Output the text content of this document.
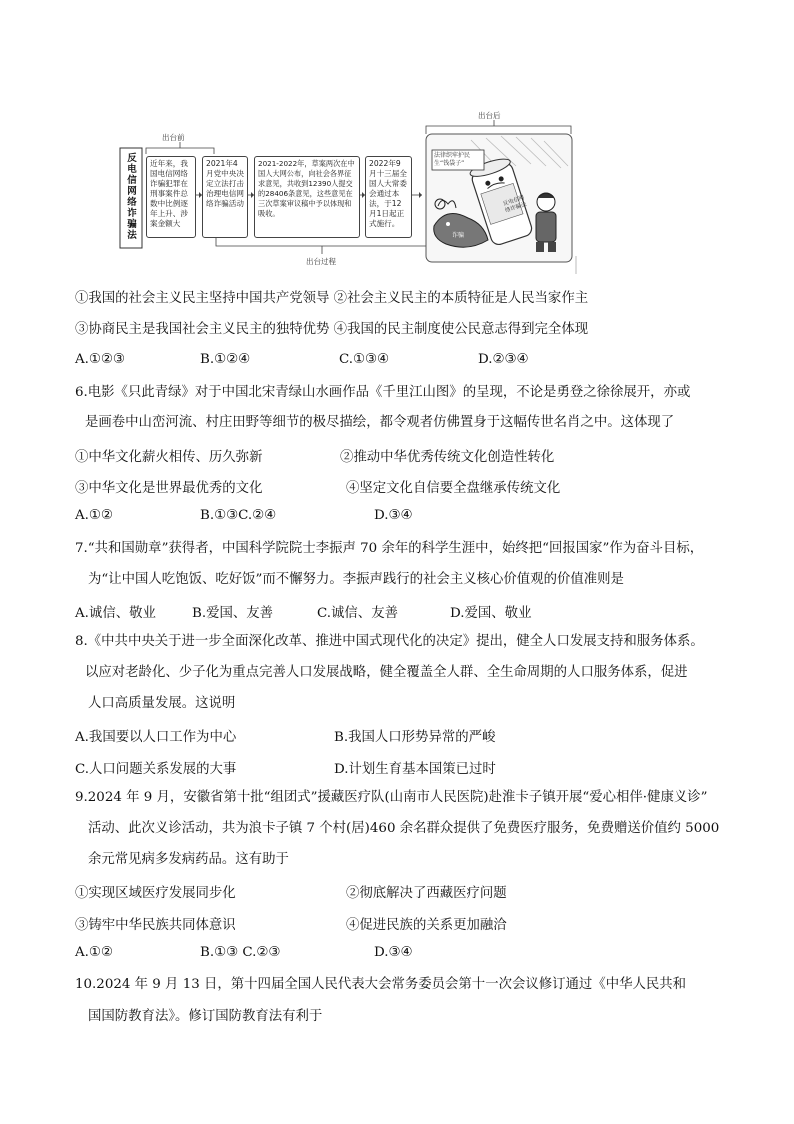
反电信网络诈骗法
出台前
出台过程
出台后
近年来，我国电信网络诈骗犯罪在刑事案件总数中比例逐年上升、涉案金额大
2021年4月党中央决定立法打击治理电信网络诈骗活动
2021-2022年，草案两次在中国人大网公布，向社会各界征求意见，共收到12390人提交的28406条意见，这些意见在三次草案审议稿中予以体现和吸收。
2022年9月十三届全国人大常委会通过本法，于12月1日起正式施行。
法律织牢护民生“钱袋子”
反电信网络诈骗法
诈骗
①我国的社会主义民主坚持中国共产党领导 ②社会主义民主的本质特征是人民当家作主
③协商民主是我国社会主义民主的独特优势 ④我国的民主制度使公民意志得到完全体现
A.①②③	B.①②④	C.①③④	D.②③④
6.电影《只此青绿》对于中国北宋青绿山水画作品《千里江山图》的呈现，不论是勇登之徐徐展开，亦或
是画卷中山峦河流、村庄田野等细节的极尽描绘，都令观者仿佛置身于这幅传世名肖之中。这体现了
①中华文化薪火相传、历久弥新	②推动中华优秀传统文化创造性转化
③中华文化是世界最优秀的文化	④坚定文化自信要全盘继承传统文化
A.①②	B.①③C.②④	D.③④
7.“共和国勋章”获得者，中国科学院院士李振声 70 余年的科学生涯中，始终把“回报国家”作为奋斗目标，
为“让中国人吃饱饭、吃好饭”而不懈努力。李振声践行的社会主义核心价值观的价值准则是
A.诚信、敬业	B.爱国、友善	C.诚信、友善	D.爱国、敬业
8.《中共中央关于进一步全面深化改革、推进中国式现代化的决定》提出，健全人口发展支持和服务体系。
以应对老龄化、少子化为重点完善人口发展战略，健全覆盖全人群、全生命周期的人口服务体系，促进
人口高质量发展。这说明
A.我国要以人口工作为中心	B.我国人口形势异常的严峻
C.人口问题关系发展的大事	D.计划生育基本国策已过时
9.2024 年 9 月，安徽省第十批“组团式”援藏医疗队(山南市人民医院)赴淮卡子镇开展“爱心相伴·健康义诊”
活动、此次义诊活动，共为浪卡子镇 7 个村(居)460 余名群众提供了免费医疗服务，免费赠送价值约 5000
余元常见病多发病药品。这有助于
①实现区域医疗发展同步化	②彻底解决了西藏医疗问题
③铸牢中华民族共同体意识	④促进民族的关系更加融洽
A.①②	B.①③ C.②③	D.③④
10.2024 年 9 月 13 日，第十四届全国人民代表大会常务委员会第十一次会议修订通过《中华人民共和
国国防教育法》。修订国防教育法有利于
